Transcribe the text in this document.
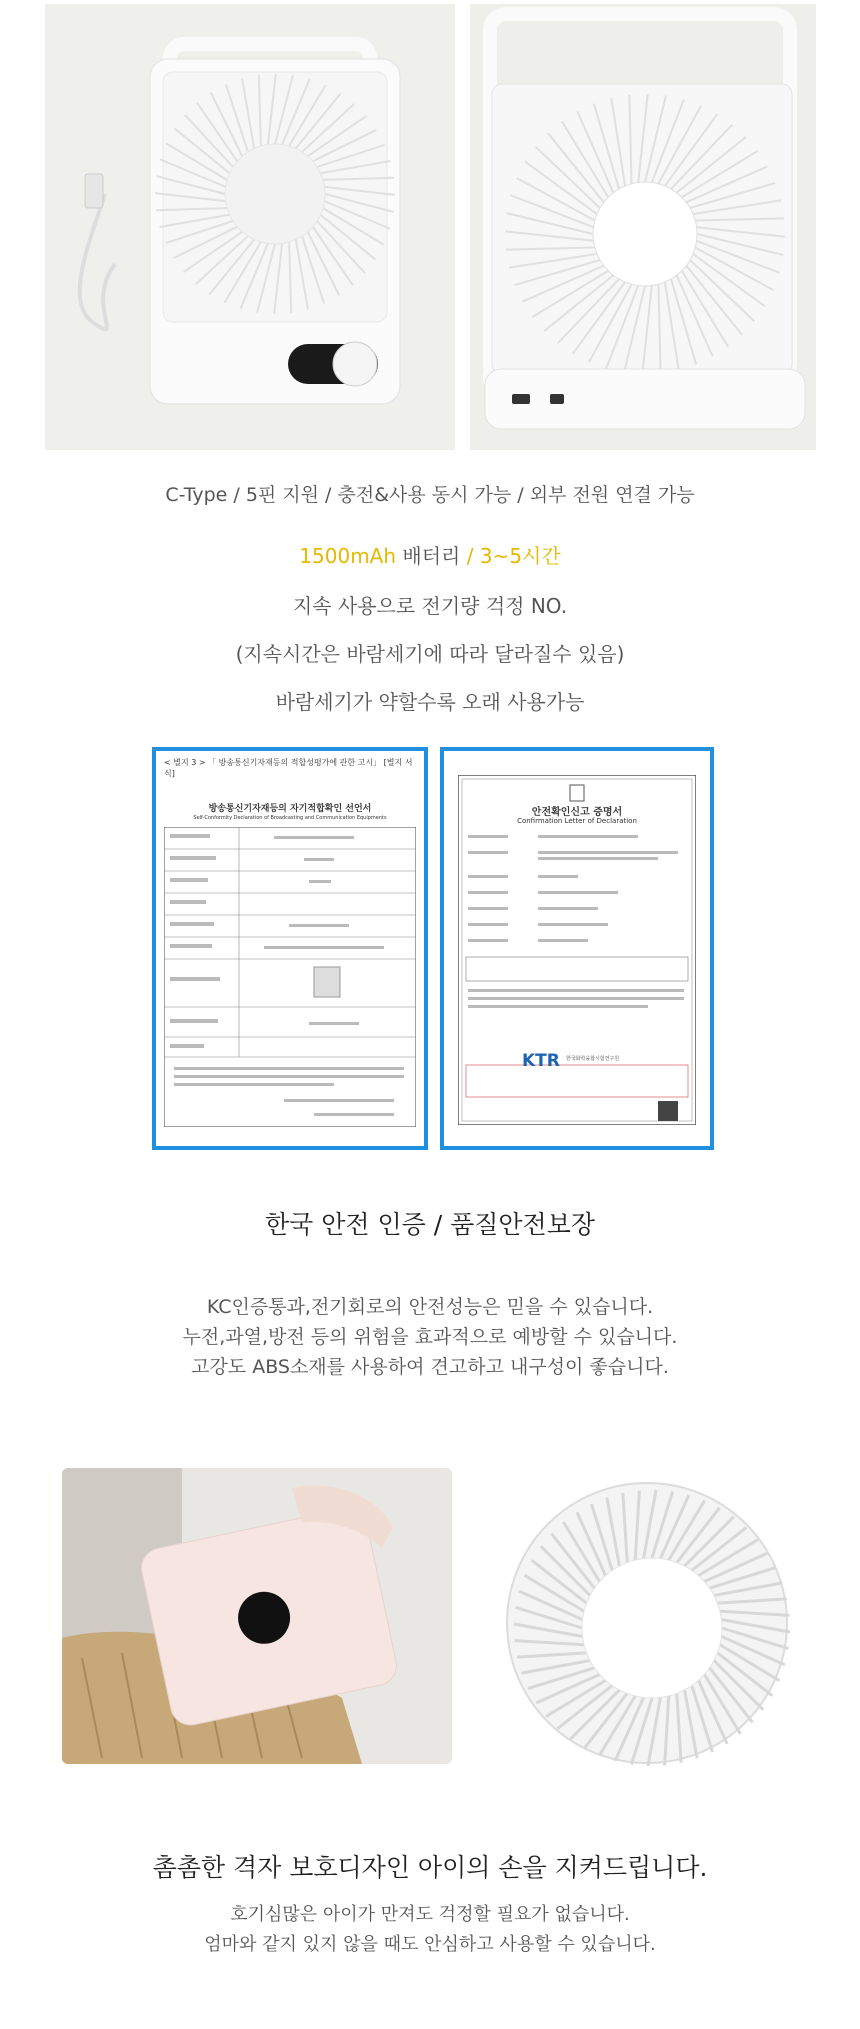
C-Type / 5핀 지원 / 충전&사용 동시 가능 / 외부 전원 연결 가능
1500mAh 배터리 / 3~5시간
지속 사용으로 전기량 걱정 NO.
(지속시간은 바람세기에 따라 달라질수 있음)
바람세기가 약할수록 오래 사용가능
< 별지 3 > 「 방송통신기자재등의 적합성평가에 관한 고시」 [별지 서식]
방송통신기자재등의 자기적합확인 선언서
Self-Conformity Declaration of Broadcasting and Communication Equipments	안전확인신고 증명서
Confirmation Letter of Declaration
KTR 한국화학융합시험연구원
한국 안전 인증 / 품질안전보장
KC인증통과,전기회로의 안전성능은 믿을 수 있습니다.
누전,과열,방전 등의 위험을 효과적으로 예방할 수 있습니다.
고강도 ABS소재를 사용하여 견고하고 내구성이 좋습니다.
촘촘한 격자 보호디자인 아이의 손을 지켜드립니다.
호기심많은 아이가 만져도 걱정할 필요가 없습니다.
엄마와 같지 있지 않을 때도 안심하고 사용할 수 있습니다.
